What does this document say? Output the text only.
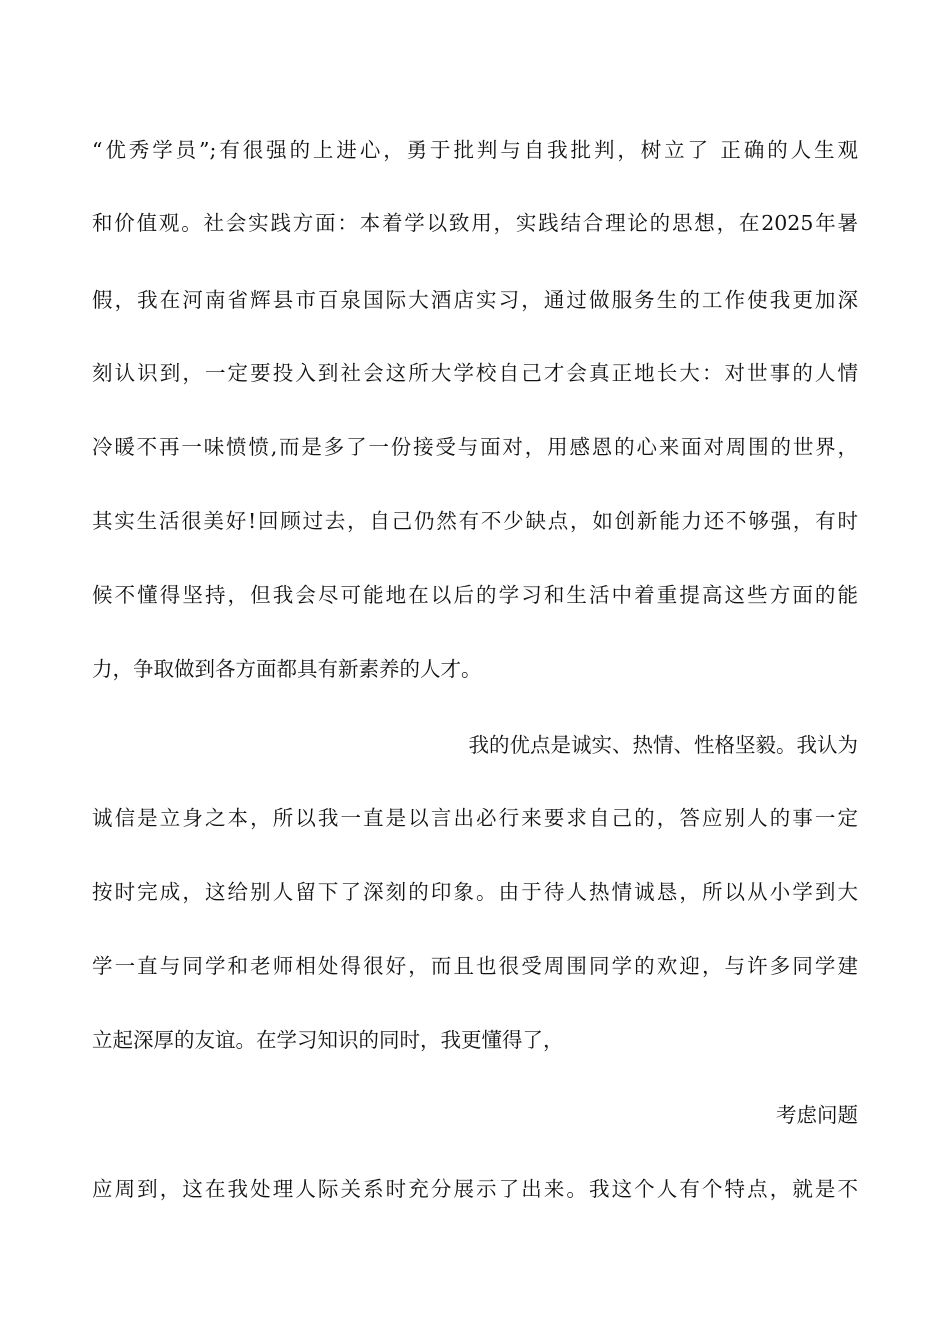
“优秀学员”;有很强的上进心，勇于批判与自我批判，树立了 正确的人生观
和价值观。社会实践方面：本着学以致用，实践结合理论的思想，在2025年暑
假，我在河南省辉县市百泉国际大酒店实习，通过做服务生的工作使我更加深
刻认识到，一定要投入到社会这所大学校自己才会真正地长大：对世事的人情
冷暖不再一味愤愤,而是多了一份接受与面对，用感恩的心来面对周围的世界，
其实生活很美好!回顾过去，自己仍然有不少缺点，如创新能力还不够强，有时
候不懂得坚持，但我会尽可能地在以后的学习和生活中着重提高这些方面的能
力，争取做到各方面都具有新素养的人才。
我的优点是诚实、热情、性格坚毅。我认为
诚信是立身之本，所以我一直是以言出必行来要求自己的，答应别人的事一定
按时完成，这给别人留下了深刻的印象。由于待人热情诚恳，所以从小学到大
学一直与同学和老师相处得很好，而且也很受周围同学的欢迎，与许多同学建
立起深厚的友谊。在学习知识的同时，我更懂得了，
考虑问题
应周到，这在我处理人际关系时充分展示了出来。我这个人有个特点，就是不
